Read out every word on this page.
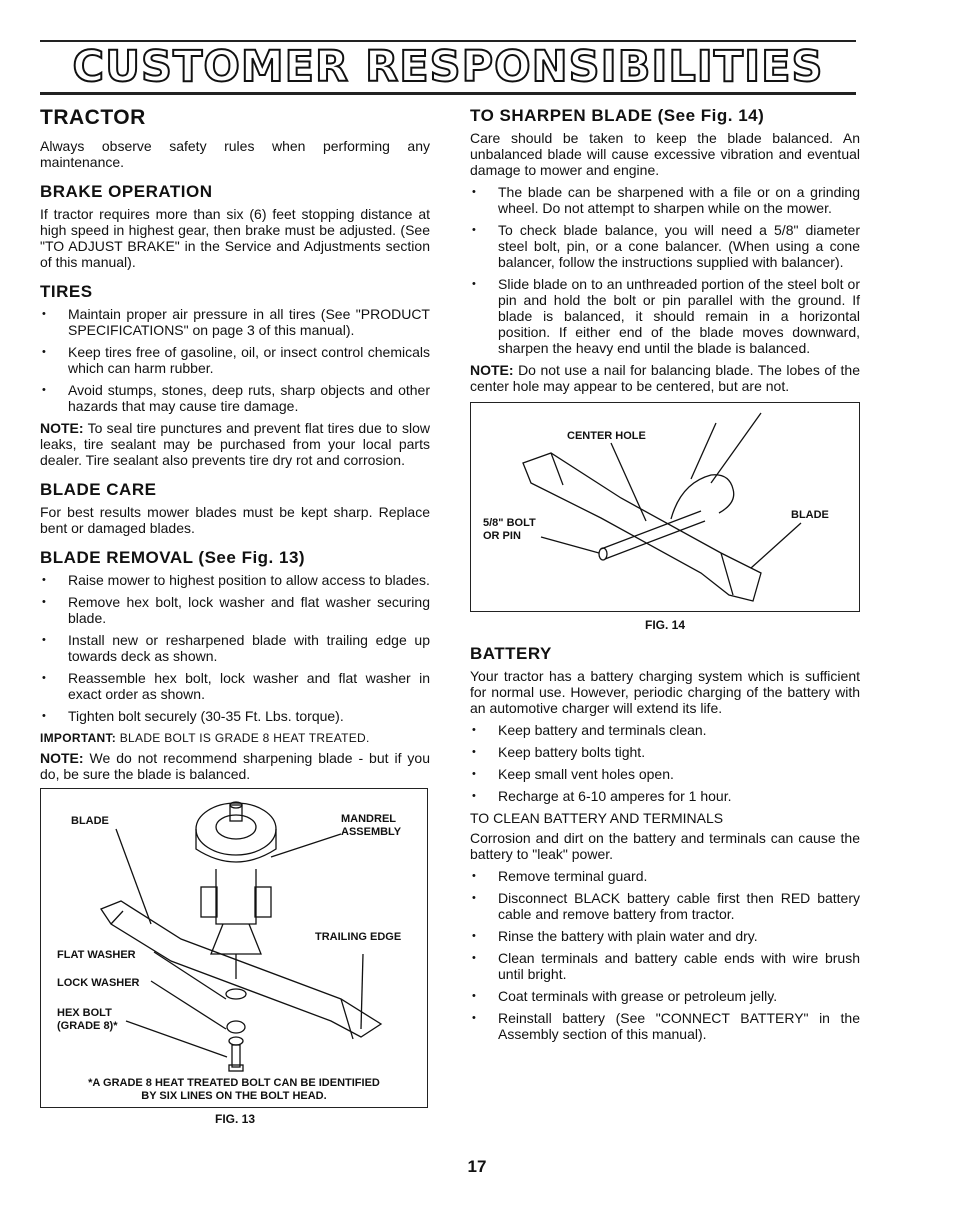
CUSTOMER RESPONSIBILITIES
TRACTOR

Always observe safety rules when performing any maintenance.

BRAKE OPERATION

If tractor requires more than six (6) feet stopping distance at high speed in highest gear, then brake must be adjusted. (See "TO ADJUST BRAKE" in the Service and Adjustments section of this manual).

TIRES
• Maintain proper air pressure in all tires (See "PRODUCT SPECIFICATIONS" on page 3 of this manual).
• Keep tires free of gasoline, oil, or insect control chemicals which can harm rubber.
• Avoid stumps, stones, deep ruts, sharp objects and other hazards that may cause tire damage.

NOTE: To seal tire punctures and prevent flat tires due to slow leaks, tire sealant may be purchased from your local parts dealer. Tire sealant also prevents tire dry rot and corrosion.

BLADE CARE

For best results mower blades must be kept sharp. Replace bent or damaged blades.

BLADE REMOVAL (See Fig. 13)
• Raise mower to highest position to allow access to blades.
• Remove hex bolt, lock washer and flat washer securing blade.
• Install new or resharpened blade with trailing edge up towards deck as shown.
• Reassemble hex bolt, lock washer and flat washer in exact order as shown.
• Tighten bolt securely (30-35 Ft. Lbs. torque).

IMPORTANT: BLADE BOLT IS GRADE 8 HEAT TREATED.

NOTE: We do not recommend sharpening blade - but if you do, be sure the blade is balanced.

BLADE	MANDREL ASSEMBLY
TRAILING EDGE
FLAT WASHER
LOCK WASHER
HEX BOLT (GRADE 8)*
*A GRADE 8 HEAT TREATED BOLT CAN BE IDENTIFIED BY SIX LINES ON THE BOLT HEAD.
FIG. 13
TO SHARPEN BLADE (See Fig. 14)

Care should be taken to keep the blade balanced. An unbalanced blade will cause excessive vibration and eventual damage to mower and engine.

• The blade can be sharpened with a file or on a grinding wheel. Do not attempt to sharpen while on the mower.
• To check blade balance, you will need a 5/8" diameter steel bolt, pin, or a cone balancer. (When using a cone balancer, follow the instructions supplied with balancer).
• Slide blade on to an unthreaded portion of the steel bolt or pin and hold the bolt or pin parallel with the ground. If blade is balanced, it should remain in a horizontal position. If either end of the blade moves downward, sharpen the heavy end until the blade is balanced.

NOTE: Do not use a nail for balancing blade. The lobes of the center hole may appear to be centered, but are not.

CENTER HOLE
5/8" BOLT OR PIN
BLADE
FIG. 14
BATTERY

Your tractor has a battery charging system which is sufficient for normal use. However, periodic charging of the battery with an automotive charger will extend its life.

• Keep battery and terminals clean.
• Keep battery bolts tight.
• Keep small vent holes open.
• Recharge at 6-10 amperes for 1 hour.

TO CLEAN BATTERY AND TERMINALS

Corrosion and dirt on the battery and terminals can cause the battery to "leak" power.

• Remove terminal guard.
• Disconnect BLACK battery cable first then RED battery cable and remove battery from tractor.
• Rinse the battery with plain water and dry.
• Clean terminals and battery cable ends with wire brush until bright.
• Coat terminals with grease or petroleum jelly.
• Reinstall battery (See "CONNECT BATTERY" in the Assembly section of this manual).
17
